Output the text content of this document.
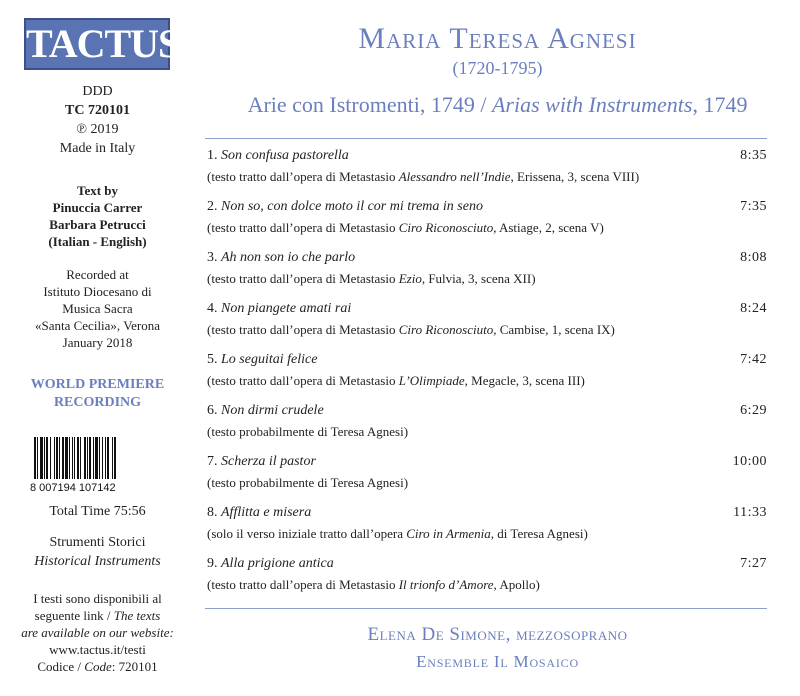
TACTUS
DDD
TC 720101
℗ 2019
Made in Italy
Text by
Pinuccia Carrer
Barbara Petrucci
(Italian - English)
Recorded at
Istituto Diocesano di
Musica Sacra
«Santa Cecilia», Verona
January 2018
WORLD PREMIERE
RECORDING
8 007194 107142
Total Time 75:56
Strumenti Storici
Historical Instruments
I testi sono disponibili al
seguente link / The texts
are available on our website:
www.tactus.it/testi
Codice / Code: 720101
Maria Teresa Agnesi
(1720-1795)
Arie con Istromenti, 1749 / Arias with Instruments, 1749
1. Son confusa pastorella	8:35
(testo tratto dall’opera di Metastasio Alessandro nell’Indie, Erissena, 3, scena VIII)
2. Non so, con dolce moto il cor mi trema in seno	7:35
(testo tratto dall’opera di Metastasio Ciro Riconosciuto, Astiage, 2, scena V)
3. Ah non son io che parlo	8:08
(testo tratto dall’opera di Metastasio Ezio, Fulvia, 3, scena XII)
4. Non piangete amati rai	8:24
(testo tratto dall’opera di Metastasio Ciro Riconosciuto, Cambise, 1, scena IX)
5. Lo seguitai felice	7:42
(testo tratto dall’opera di Metastasio L’Olimpiade, Megacle, 3, scena III)
6. Non dirmi crudele	6:29
(testo probabilmente di Teresa Agnesi)
7. Scherza il pastor	10:00
(testo probabilmente di Teresa Agnesi)
8. Afflitta e misera	11:33
(solo il verso iniziale tratto dall’opera Ciro in Armenia, di Teresa Agnesi)
9. Alla prigione antica	7:27
(testo tratto dall’opera di Metastasio Il trionfo d’Amore, Apollo)
Elena De Simone, mezzosoprano
Ensemble Il Mosaico
